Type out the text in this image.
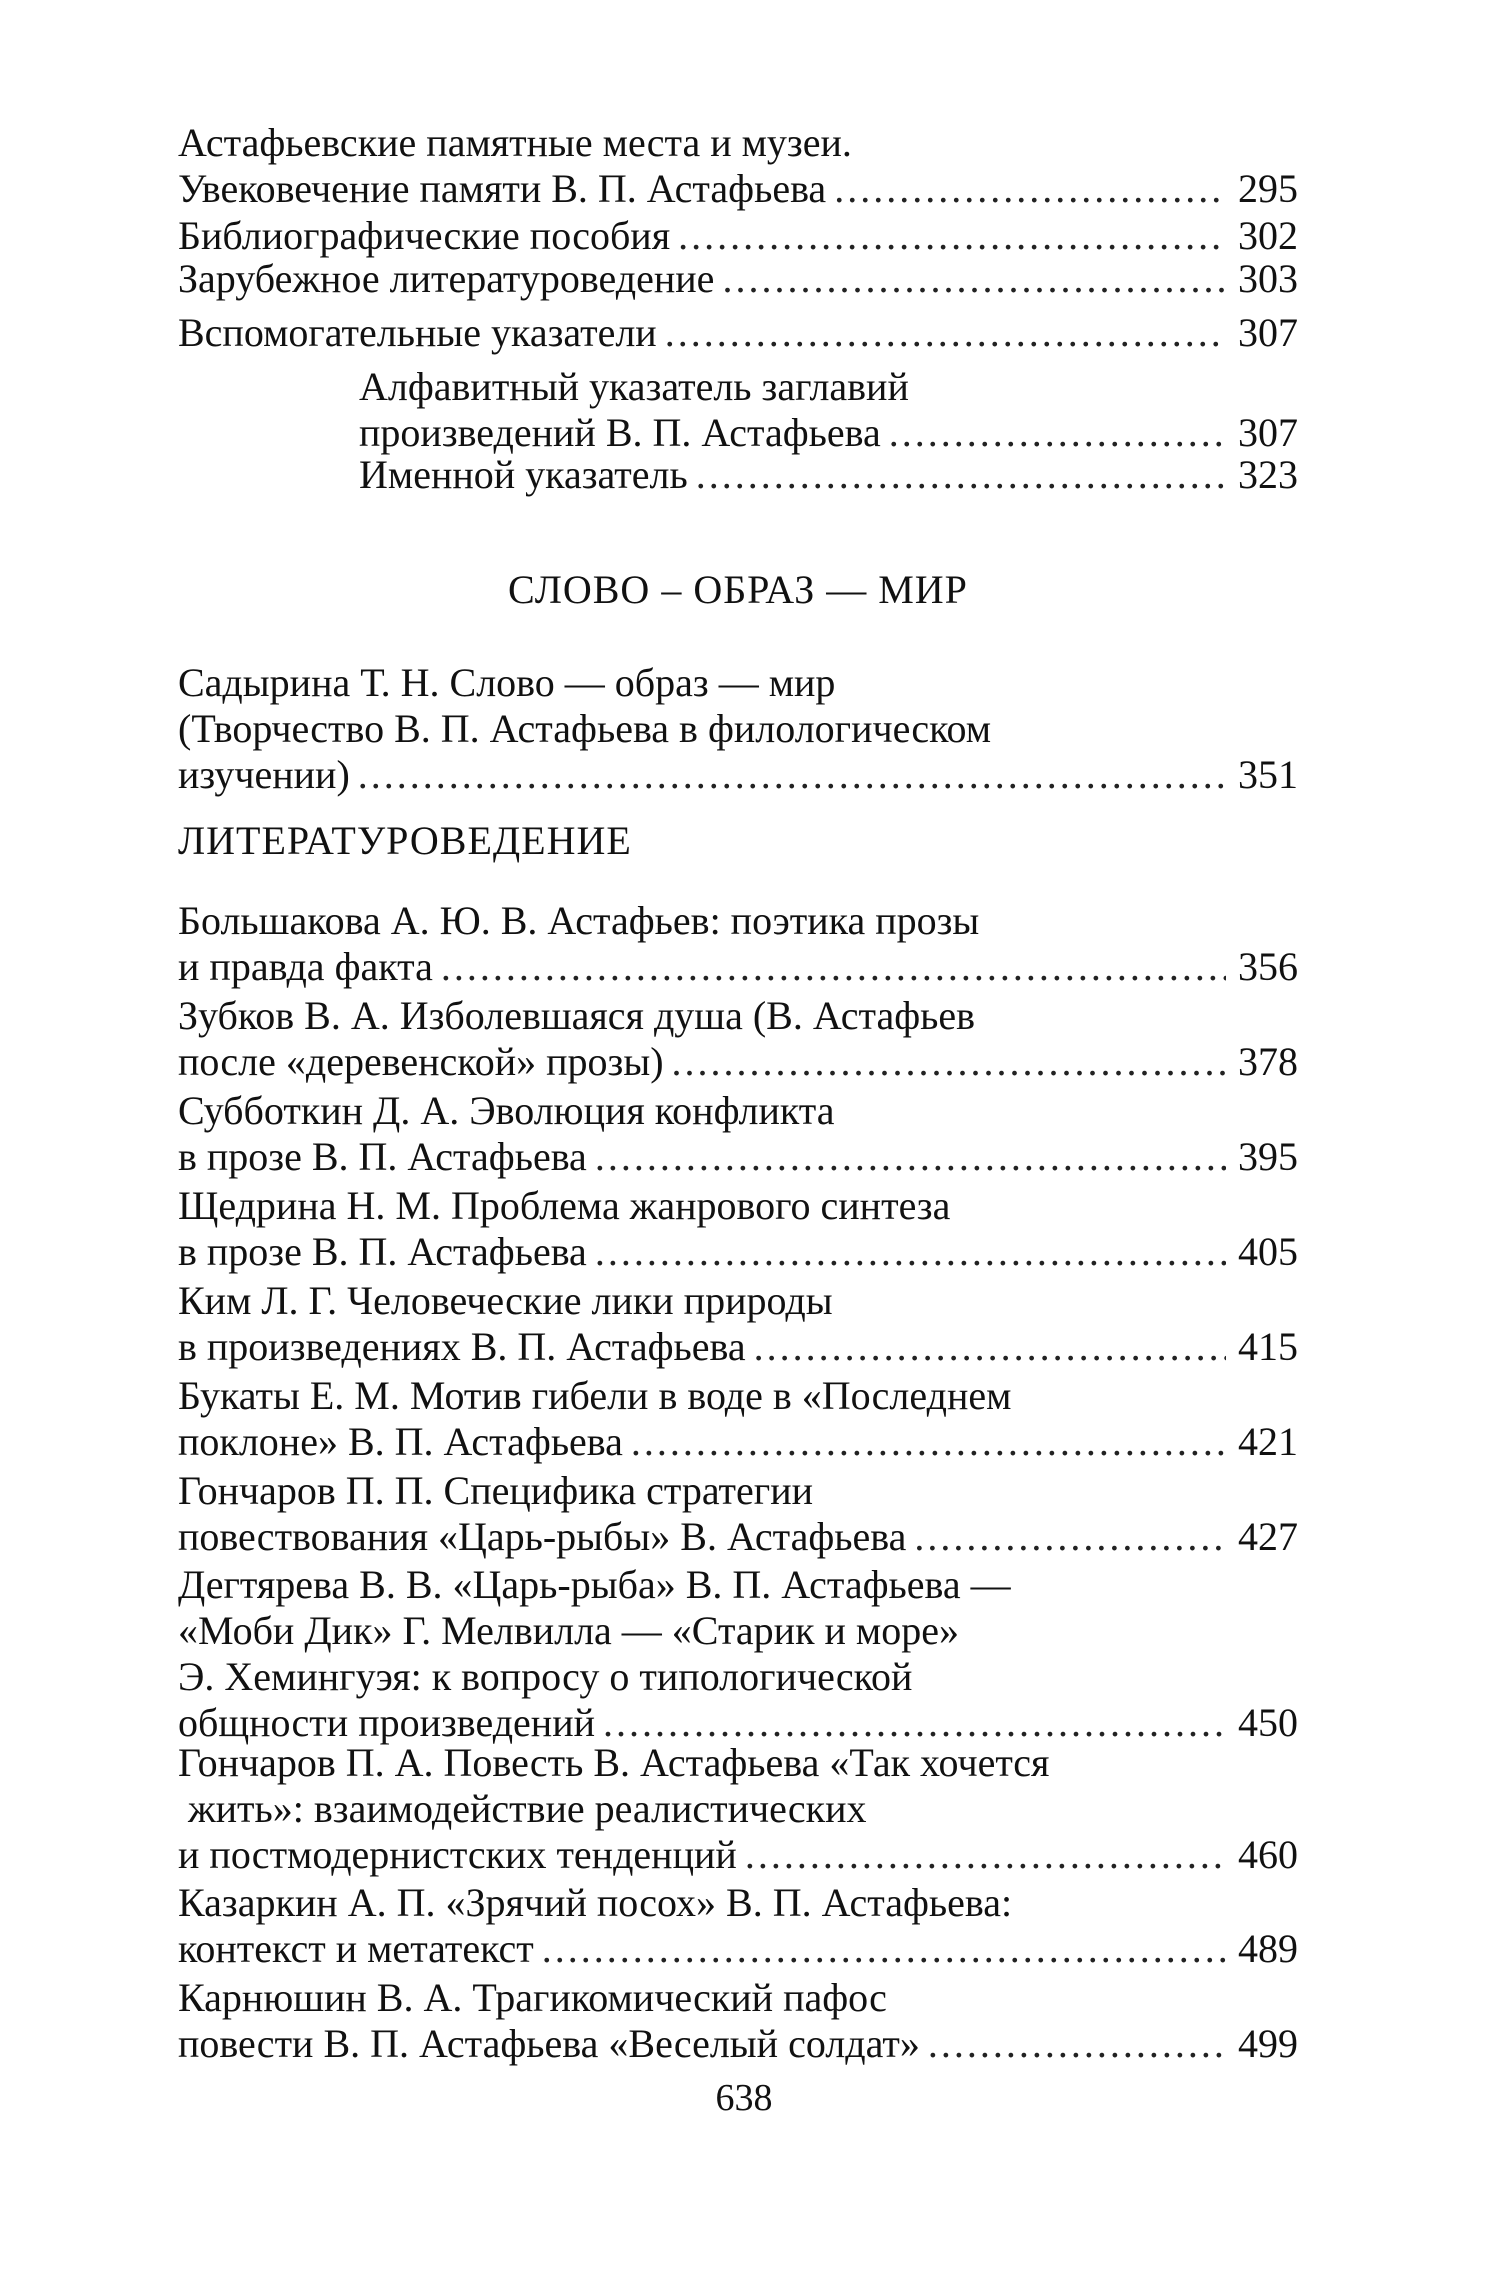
Астафьевские памятные места и музеи.
Увековечение памяти В. П. Астафьева .....	295
Библиографические пособия .....	302
Зарубежное литературоведение .....	303
Вспомогательные указатели .....	307
Алфавитный указатель заглавий
произведений В. П. Астафьева .....	307
Именной указатель .....	323
Садырина Т. Н. Слово — образ — мир
(Творчество В. П. Астафьева в филологическом
изучении) .....	351
Большакова А. Ю. В. Астафьев: поэтика прозы
и правда факта .....	356
Зубков В. А. Изболевшаяся душа (В. Астафьев
после «деревенской» прозы) .....	378
Субботкин Д. А. Эволюция конфликта
в прозе В. П. Астафьева .....	395
Щедрина Н. М. Проблема жанрового синтеза
в прозе В. П. Астафьева .....	405
Ким Л. Г. Человеческие лики природы
в произведениях В. П. Астафьева .....	415
Букаты Е. М. Мотив гибели в воде в «Последнем
поклоне» В. П. Астафьева .....	421
Гончаров П. П. Специфика стратегии
повествования «Царь-рыбы» В. Астафьева .....	427
Дегтярева В. В. «Царь-рыба» В. П. Астафьева —
«Моби Дик» Г. Мелвилла — «Старик и море»
Э. Хемингуэя: к вопросу о типологической
общности произведений .....	450
Гончаров П. А. Повесть В. Астафьева «Так хочется
жить»: взаимодействие реалистических
и постмодернистских тенденций .....	460
Казаркин А. П. «Зрячий посох» В. П. Астафьева:
контекст и метатекст .....	489
Карнюшин В. А. Трагикомический пафос
повести В. П. Астафьева «Веселый солдат» .....	499
СЛОВО – ОБРАЗ — МИР
ЛИТЕРАТУРОВЕДЕНИЕ
638
